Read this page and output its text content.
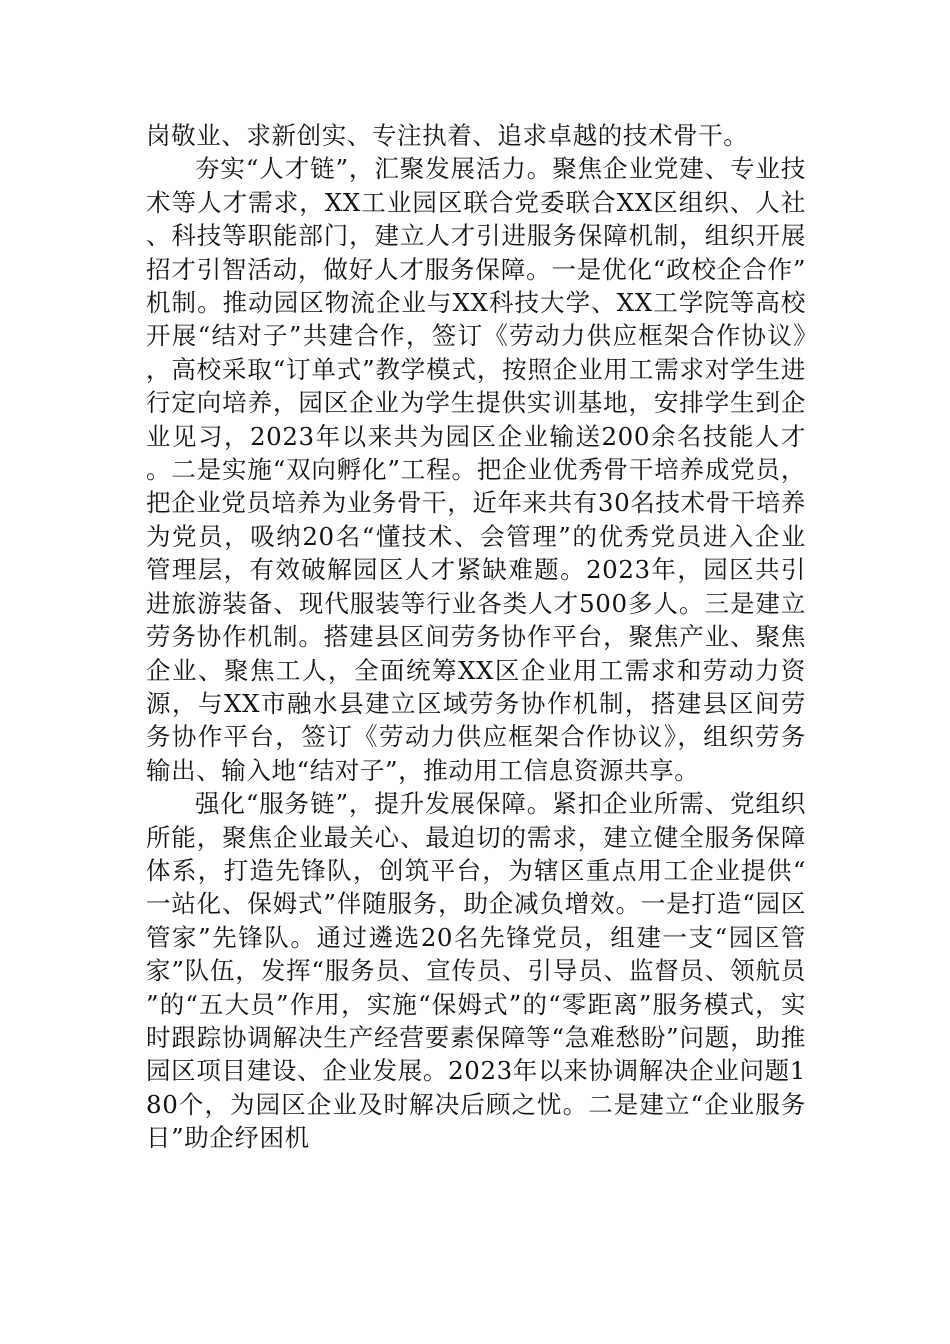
岗敬业、求新创实、专注执着、追求卓越的技术骨干。

夯实“人才链”，汇聚发展活力。聚焦企业党建、专业技术等人才需求，XX工业园区联合党委联合XX区组织、人社、科技等职能部门，建立人才引进服务保障机制，组织开展招才引智活动，做好人才服务保障。一是优化“政校企合作”机制。推动园区物流企业与XX科技大学、XX工学院等高校开展“结对子”共建合作，签订《劳动力供应框架合作协议》，高校采取“订单式”教学模式，按照企业用工需求对学生进行定向培养，园区企业为学生提供实训基地，安排学生到企业见习，2023年以来共为园区企业输送200余名技能人才。二是实施“双向孵化”工程。把企业优秀骨干培养成党员，把企业党员培养为业务骨干，近年来共有30名技术骨干培养为党员，吸纳20名“懂技术、会管理”的优秀党员进入企业管理层，有效破解园区人才紧缺难题。2023年，园区共引进旅游装备、现代服装等行业各类人才500多人。三是建立劳务协作机制。搭建县区间劳务协作平台，聚焦产业、聚焦企业、聚焦工人，全面统筹XX区企业用工需求和劳动力资源，与XX市融水县建立区域劳务协作机制，搭建县区间劳务协作平台，签订《劳动力供应框架合作协议》，组织劳务输出、输入地“结对子”，推动用工信息资源共享。

强化“服务链”，提升发展保障。紧扣企业所需、党组织所能，聚焦企业最关心、最迫切的需求，建立健全服务保障体系，打造先锋队，创筑平台，为辖区重点用工企业提供“一站化、保姆式”伴随服务，助企减负增效。一是打造“园区管家”先锋队。通过遴选20名先锋党员，组建一支“园区管家”队伍，发挥“服务员、宣传员、引导员、监督员、领航员”的“五大员”作用，实施“保姆式”的“零距离”服务模式，实时跟踪协调解决生产经营要素保障等“急难愁盼”问题，助推园区项目建设、企业发展。2023年以来协调解决企业问题180个，为园区企业及时解决后顾之忧。二是建立“企业服务日”助企纾困机
